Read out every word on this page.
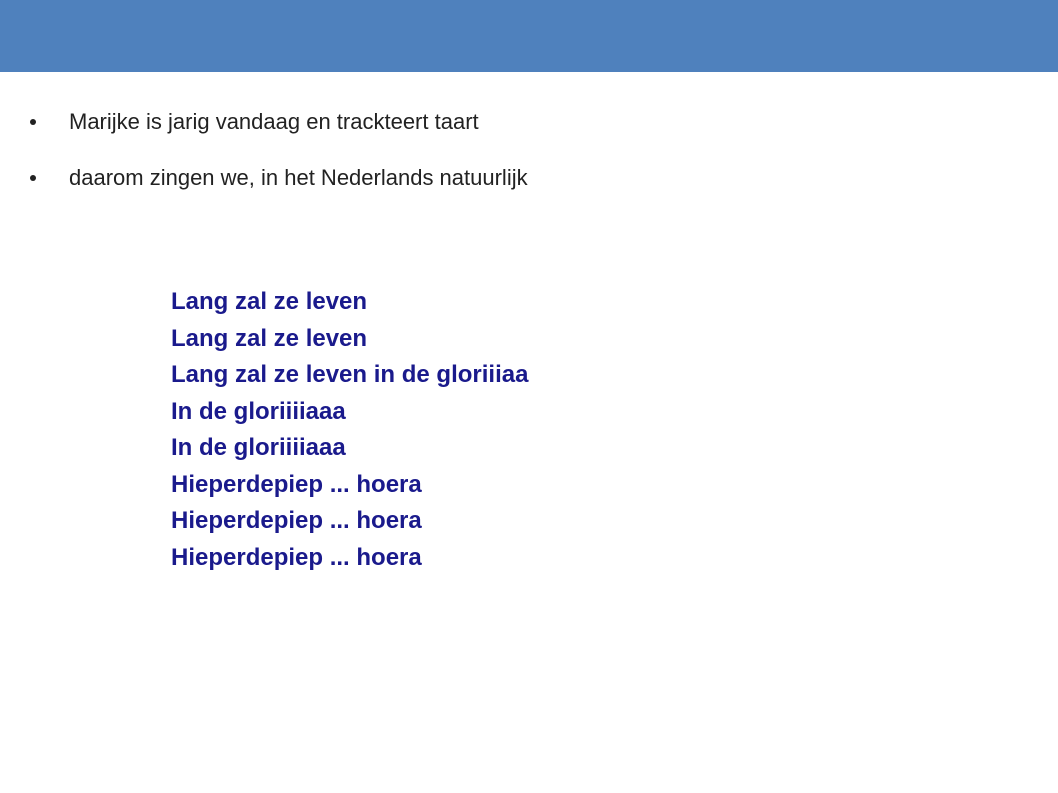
Marijke is jarig vandaag en trackteert taart
daarom zingen we, in het Nederlands natuurlijk
Lang zal ze leven
Lang zal ze leven
Lang zal ze leven in de gloriiiaa
In de gloriiiiaaa
In de gloriiiiaaa
Hieperdepiep ... hoera
Hieperdepiep ... hoera
Hieperdepiep ... hoera
